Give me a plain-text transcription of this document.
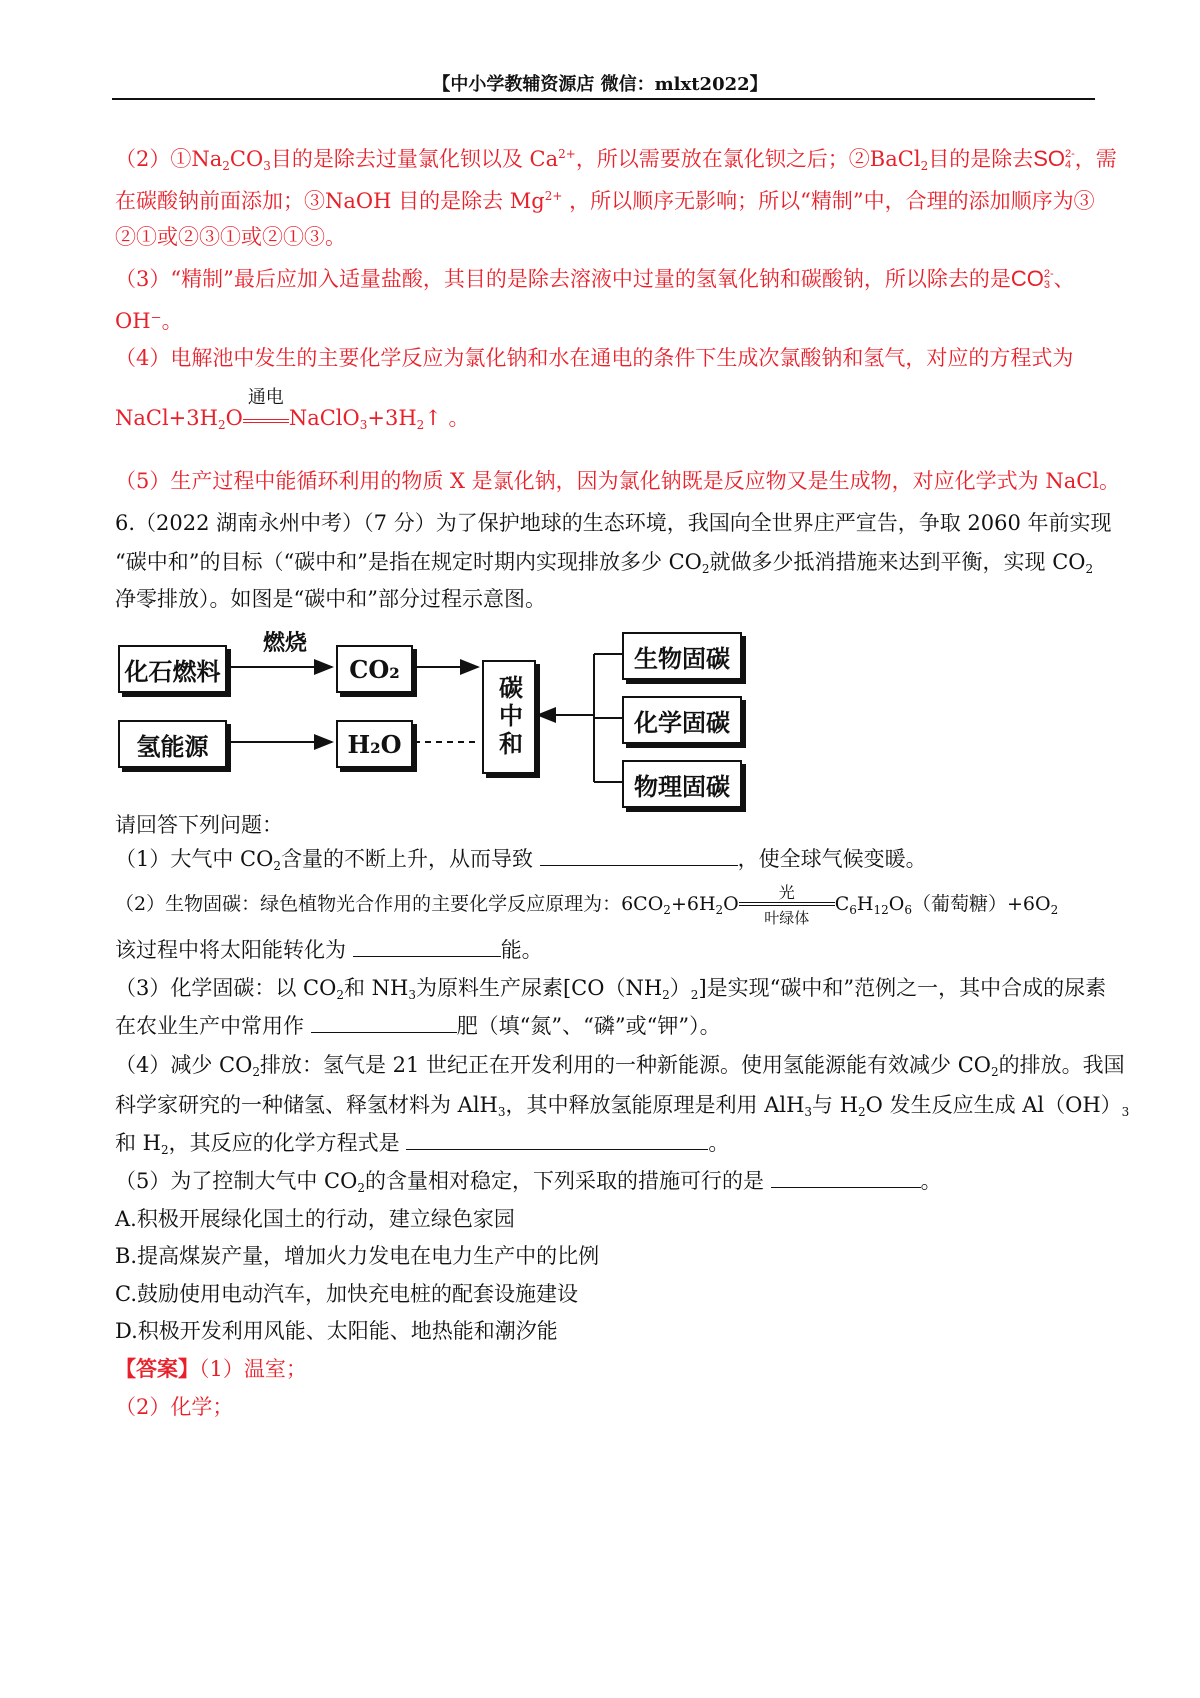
【中小学教辅资源店 微信：mlxt2022】
$(2)①Na_2CO_3$目的是除去过量氯化钡以及 $Ca^{2+}$，所以需要放在氯化钡之后；②BaCl$_2$目的是除去SO 2-
4 ，需
在碳酸钠前面添加；③NaOH 目的是除去 $Mg^{2+}$ ，所以顺序无影响；所以“精制”中，合理的添加顺序为③
②①或②③①或②①③。
（3）“精制”最后应加入适量盐酸，其目的是除去溶液中过量的氢氧化钠和碳酸钠，所以除去的是CO 2-
3 、
OH⁻。
（4）电解池中发生的主要化学反应为氯化钠和水在通电的条件下生成次氯酸钠和氢气，对应的方程式为
$NaCl+3H_2O$
通电
$NaClO_3+3H_2↑$ 。
（5）生产过程中能循环利用的物质 X 是氯化钠，因为氯化钠既是反应物又是生成物，对应化学式为 NaCl。
6.（2022 湖南永州中考）（7 分）为了保护地球的生态环境，我国向全世界庄严宣告，争取 2060 年前实现
“碳中和”的目标（“碳中和”是指在规定时期内实现排放多少 $CO_2$就做多少抵消措施来达到平衡，实现 $CO_2$
净零排放）。如图是“碳中和”部分过程示意图。
化石燃料
氢能源
CO₂
H₂O	碳中和
生物固碳
化学固碳
物理固碳
燃烧
请回答下列问题：
（1）大气中 $CO_2$含量的不断上升，从而导致	，使全球气候变暖。
（2）生物固碳：绿色植物光合作用的主要化学反应原理为：$6CO_2+6H_2O$	光
叶绿体
$C_6H_{12}O_6$（葡萄糖）$+6O_2$
该过程中将太阳能转化为	能。
（3）化学固碳：以 $CO_2$和 $NH_3$为原料生产尿素$[CO(NH_2)_2]$是实现“碳中和”范例之一，其中合成的尿素
在农业生产中常用作	肥（填“氮”、“磷”或“钾”）。
（4）减少 $CO_2$排放：氢气是 21 世纪正在开发利用的一种新能源。使用氢能源能有效减少 $CO_2$的排放。我国
科学家研究的一种储氢、释氢材料为 AlH$_3$，其中释放氢能原理是利用 AlH$_3$与 $H_2O$ 发生反应生成 $Al(OH)_3$
和 $H_2$，其反应的化学方程式是	。
（5）为了控制大气中 $CO_2$的含量相对稳定，下列采取的措施可行的是	。
A.积极开展绿化国土的行动，建立绿色家园
B.提高煤炭产量，增加火力发电在电力生产中的比例
C.鼓励使用电动汽车，加快充电桩的配套设施建设
D.积极开发利用风能、太阳能、地热能和潮汐能
【答案】（1）温室；
（2）化学；
